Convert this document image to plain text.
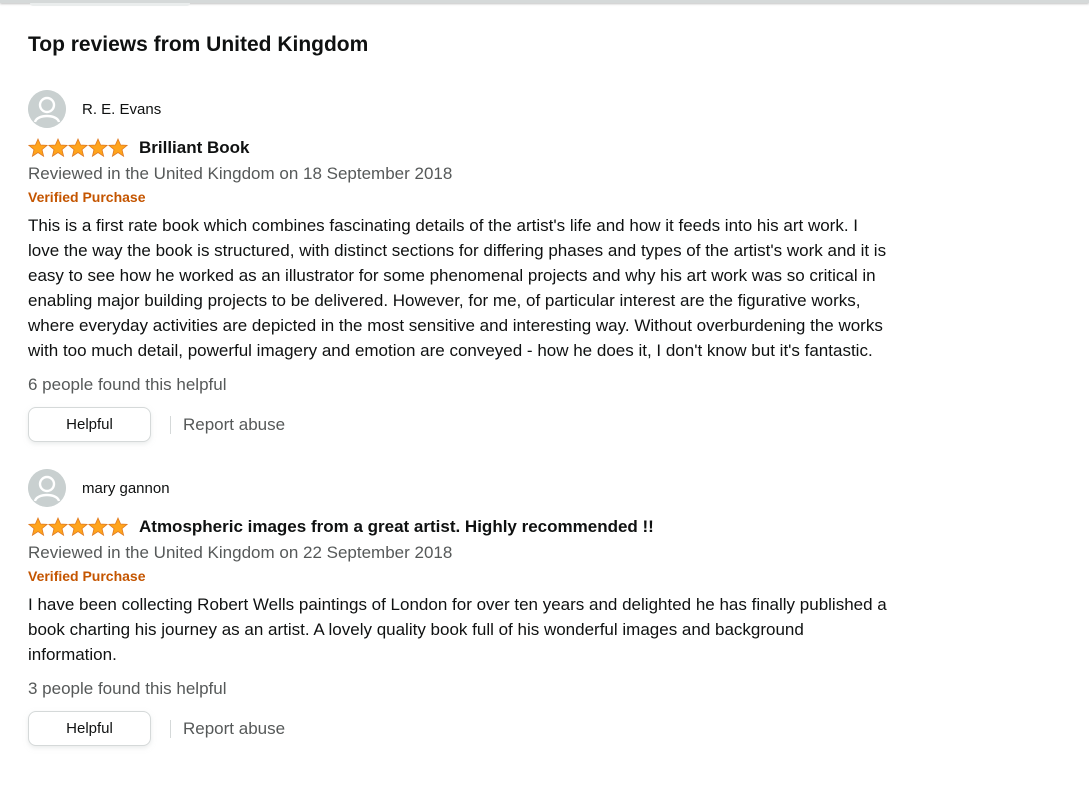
Top reviews from United Kingdom
R. E. Evans
Brilliant Book
Reviewed in the United Kingdom on 18 September 2018
Verified Purchase
This is a first rate book which combines fascinating details of the artist's life and how it feeds into his art work. I love the way the book is structured, with distinct sections for differing phases and types of the artist's work and it is easy to see how he worked as an illustrator for some phenomenal projects and why his art work was so critical in enabling major building projects to be delivered. However, for me, of particular interest are the figurative works, where everyday activities are depicted in the most sensitive and interesting way. Without overburdening the works with too much detail, powerful imagery and emotion are conveyed - how he does it, I don't know but it's fantastic.
6 people found this helpful
Helpful	Report abuse
mary gannon
Atmospheric images from a great artist. Highly recommended !!
Reviewed in the United Kingdom on 22 September 2018
Verified Purchase
I have been collecting Robert Wells paintings of London for over ten years and delighted he has finally published a book charting his journey as an artist. A lovely quality book full of his wonderful images and background information.
3 people found this helpful
Helpful	Report abuse
